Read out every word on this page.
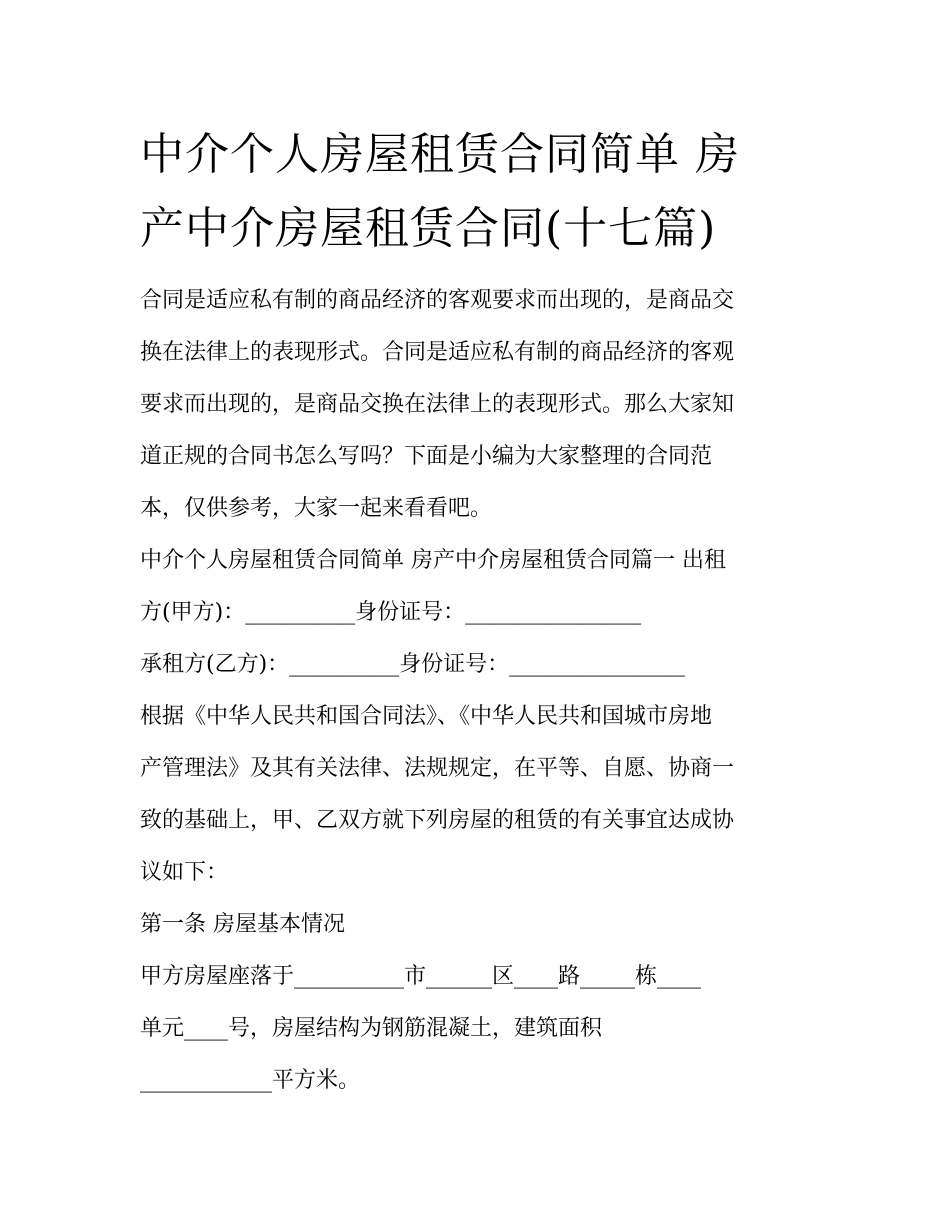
中介个人房屋租赁合同简单 房
产中介房屋租赁合同(十七篇)
合同是适应私有制的商品经济的客观要求而出现的，是商品交
换在法律上的表现形式。合同是适应私有制的商品经济的客观
要求而出现的，是商品交换在法律上的表现形式。那么大家知
道正规的合同书怎么写吗？下面是小编为大家整理的合同范
本，仅供参考，大家一起来看看吧。
中介个人房屋租赁合同简单 房产中介房屋租赁合同篇一 出租
方(甲方)：__________身份证号：________________
承租方(乙方)：__________身份证号：________________
根据《中华人民共和国合同法》、《中华人民共和国城市房地
产管理法》及其有关法律、法规规定，在平等、自愿、协商一
致的基础上，甲、乙双方就下列房屋的租赁的有关事宜达成协
议如下：
第一条 房屋基本情况
甲方房屋座落于__________市______区____路_____栋____
单元____号，房屋结构为钢筋混凝土，建筑面积
____________平方米。
